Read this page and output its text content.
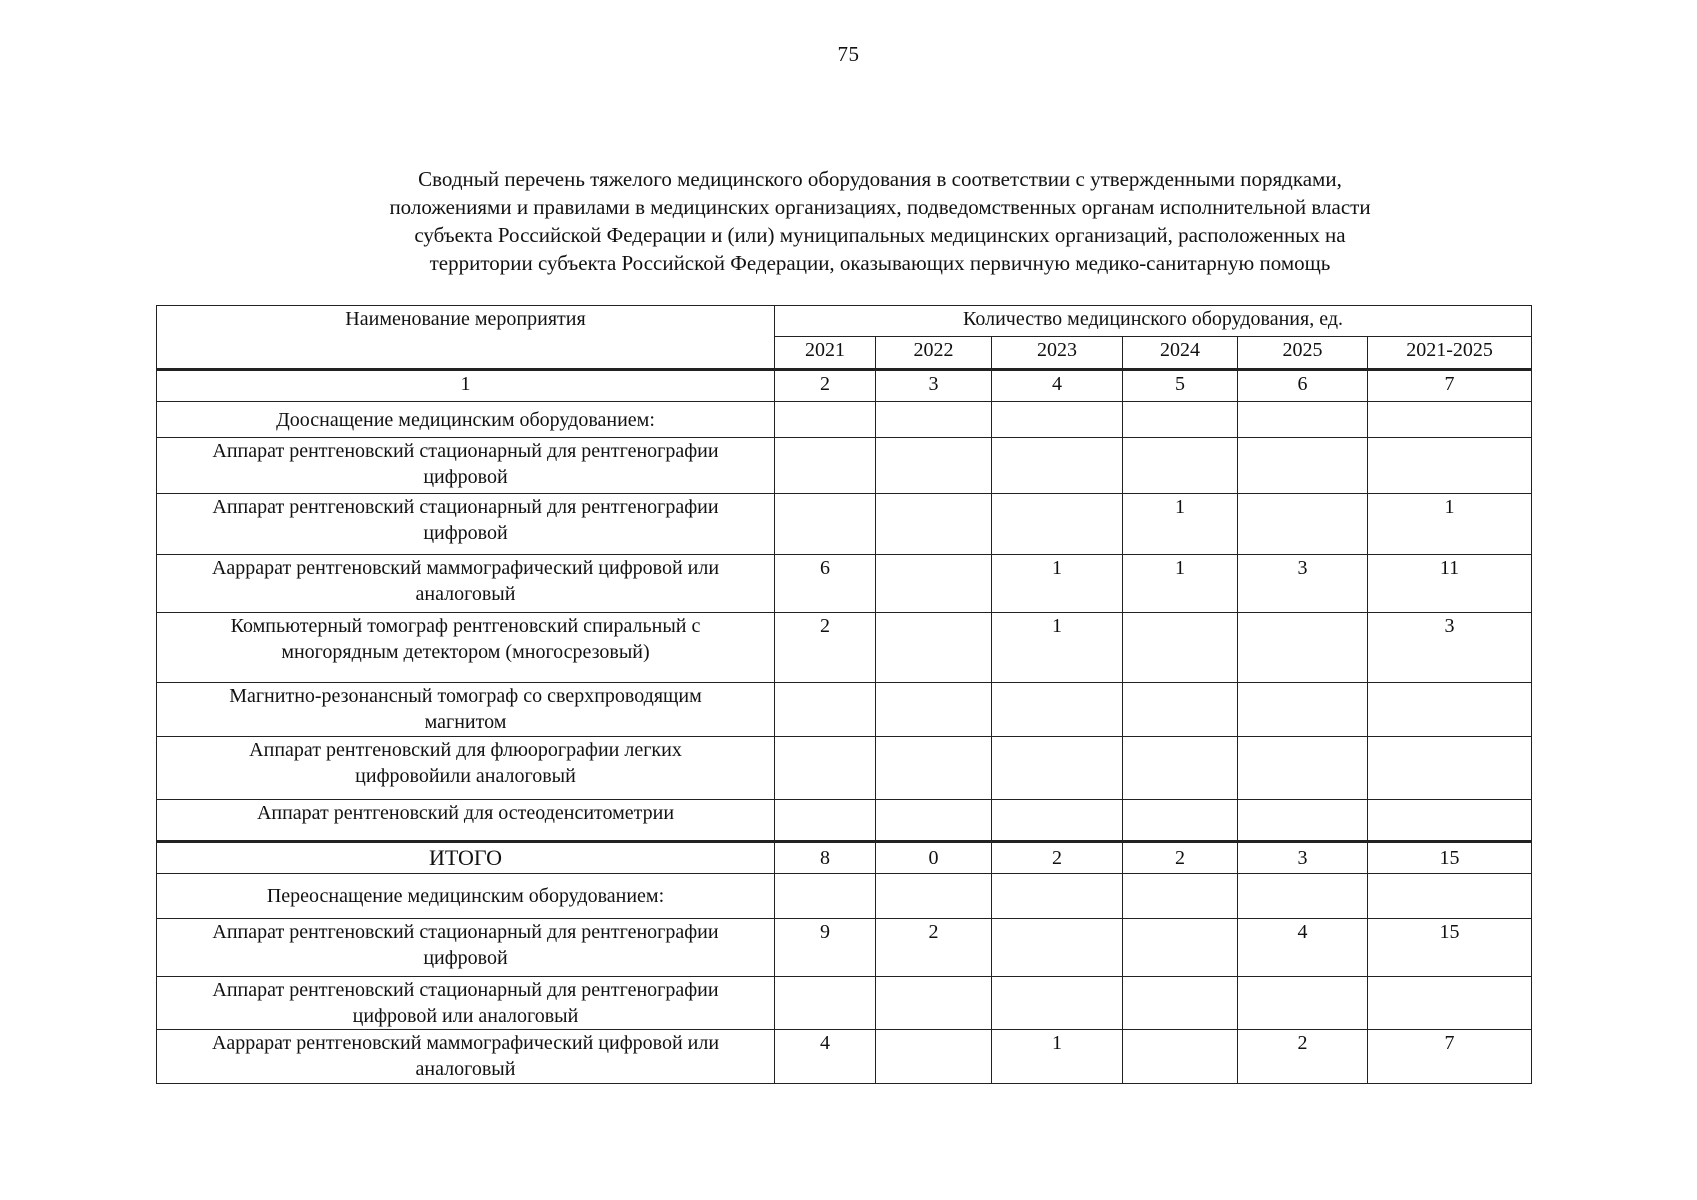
75
Сводный перечень тяжелого медицинского оборудования в соответствии с утвержденными порядками,
положениями и правилами в медицинских организациях, подведомственных органам исполнительной власти
субъекта Российской Федерации и (или) муниципальных медицинских организаций, расположенных на
территории субъекта Российской Федерации, оказывающих первичную медико-санитарную помощь
Наименование мероприятия	Количество медицинского оборудования, ед.					
	2021	2022	2023	2024	2025	2021-2025
1	2	3	4	5	6	7

Дооснащение медицинским оборудованием:						

Аппарат рентгеновский стационарный для рентгенографии
цифровой						

Аппарат рентгеновский стационарный для рентгенографии
цифровой				1		1

Аappарат рентгеновский маммографический цифровой или
аналоговый	6		1	1	3	11

Компьютерный томограф рентгеновский спиральный с
многорядным детектором (многосрезовый)	2		1			3

Магнитно-резонансный томограф со сверхпроводящим
магнитом						

Аппарат рентгеновский для флюорографии легких
цифровойили аналоговый						

Аппарат рентгеновский для остеоденситометрии						

ИТОГО	8	0	2	2	3	15

Переоснащение медицинским оборудованием:						

Аппарат рентгеновский стационарный для рентгенографии
цифровой	9	2			4	15

Аппарат рентгеновский стационарный для рентгенографии
цифровой или аналоговый						

Аappарат рентгеновский маммографический цифровой или
аналоговый	4		1		2	7
